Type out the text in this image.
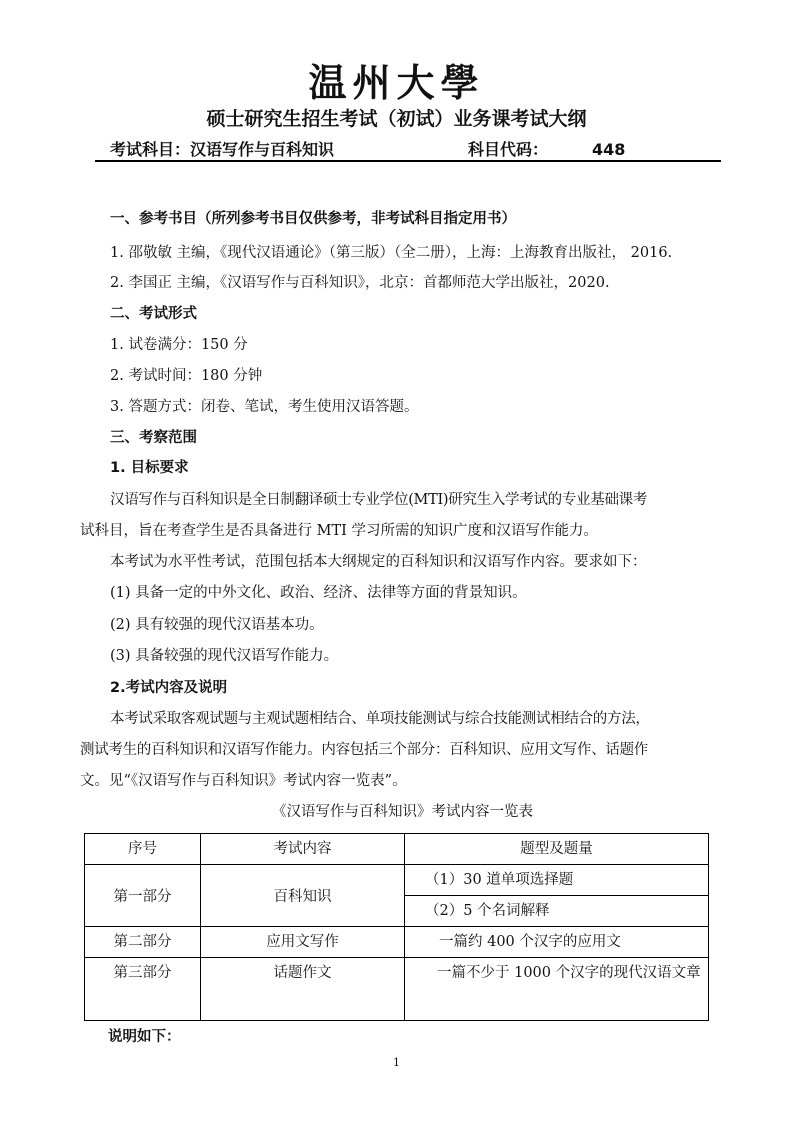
温州大學
硕士研究生招生考试（初试）业务课考试大纲
考试科目：汉语写作与百科知识	科目代码：	448
一、参考书目（所列参考书目仅供参考，非考试科目指定用书）
1. 邵敬敏 主编，《现代汉语通论》（第三版）（全二册），上海：上海教育出版社， 2016.
2. 李国正 主编，《汉语写作与百科知识》，北京：首都师范大学出版社，2020.
二、考试形式
1. 试卷满分：150 分
2. 考试时间：180 分钟
3. 答题方式：闭卷、笔试，考生使用汉语答题。
三、考察范围
1. 目标要求
汉语写作与百科知识是全日制翻译硕士专业学位(MTI)研究生入学考试的专业基础课考
试科目，旨在考查学生是否具备进行 MTI 学习所需的知识广度和汉语写作能力。
本考试为水平性考试，范围包括本大纲规定的百科知识和汉语写作内容。要求如下：
(1) 具备一定的中外文化、政治、经济、法律等方面的背景知识。
(2) 具有较强的现代汉语基本功。
(3) 具备较强的现代汉语写作能力。
2.考试内容及说明
本考试采取客观试题与主观试题相结合、单项技能测试与综合技能测试相结合的方法，
测试考生的百科知识和汉语写作能力。内容包括三个部分：百科知识、应用文写作、话题作
文。见“《汉语写作与百科知识》考试内容一览表”。
《汉语写作与百科知识》考试内容一览表
序号	考试内容	题型及题量
第一部分	百科知识	（1）30 道单项选择题
		（2）5 个名词解释
第二部分	应用文写作	一篇约 400 个汉字的应用文
第三部分	话题作文	一篇不少于 1000 个汉字的现代汉语文章
说明如下：
1
